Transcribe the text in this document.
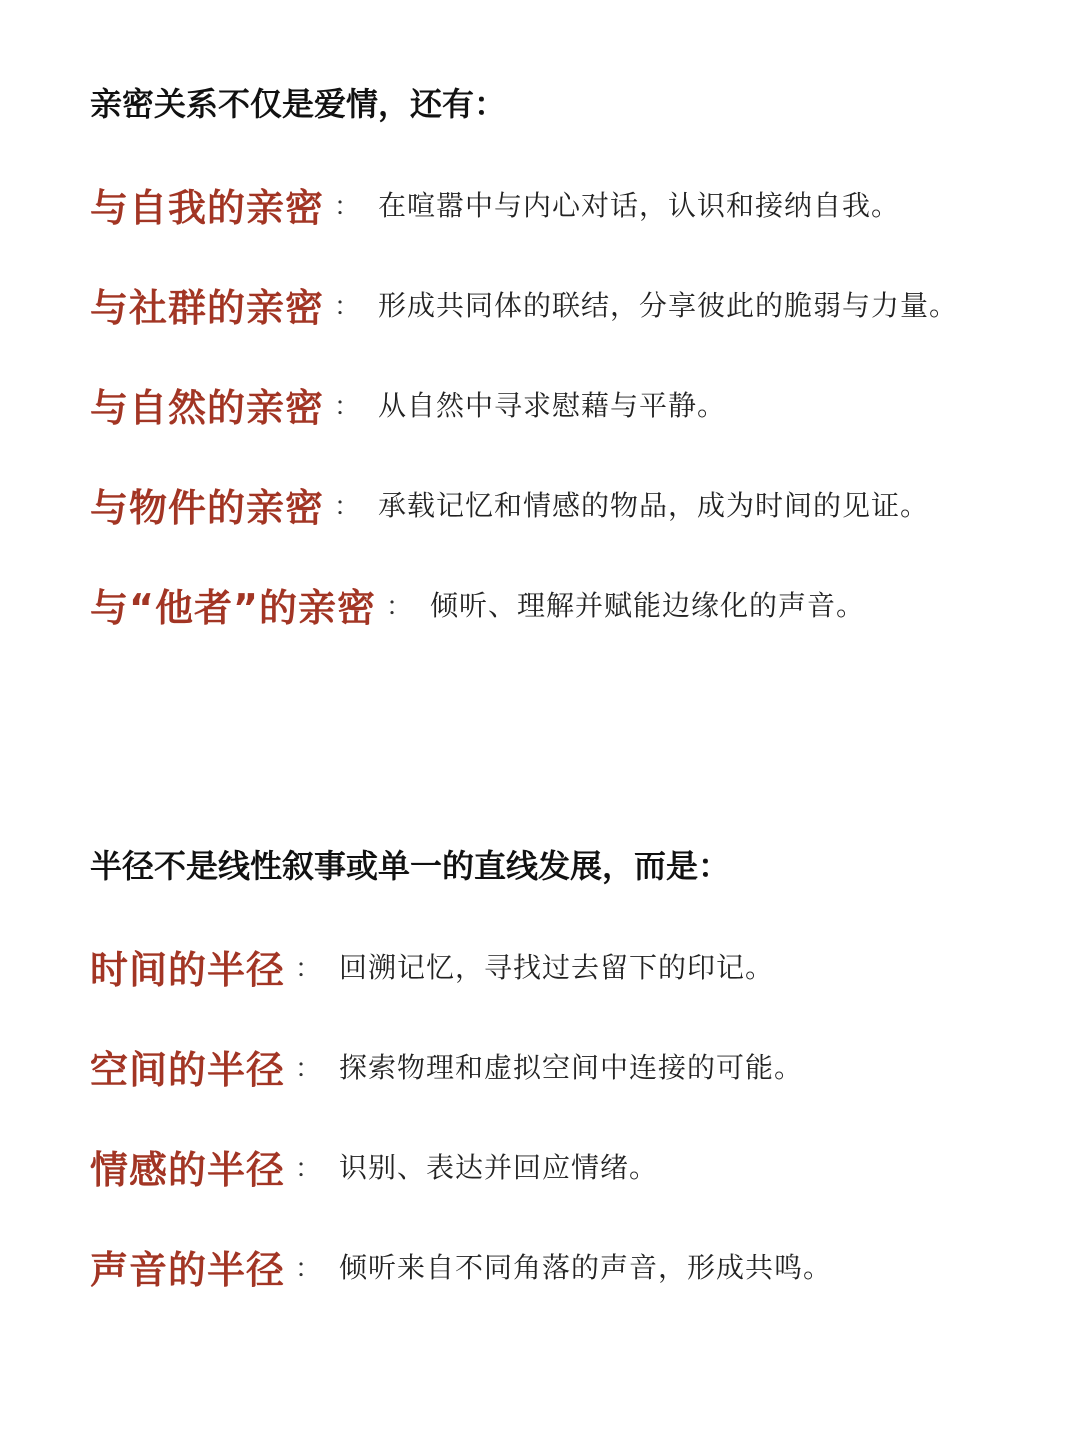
亲密关系不仅是爱情，还有：
与自我的亲密 ： 在喧嚣中与内心对话，认识和接纳自我。
与社群的亲密 ： 形成共同体的联结，分享彼此的脆弱与力量。
与自然的亲密 ： 从自然中寻求慰藉与平静。
与物件的亲密 ： 承载记忆和情感的物品，成为时间的见证。
与“他者”的亲密 ： 倾听、理解并赋能边缘化的声音。
半径不是线性叙事或单一的直线发展，而是：
时间的半径 ： 回溯记忆，寻找过去留下的印记。
空间的半径 ： 探索物理和虚拟空间中连接的可能。
情感的半径 ： 识别、表达并回应情绪。
声音的半径 ： 倾听来自不同角落的声音，形成共鸣。
